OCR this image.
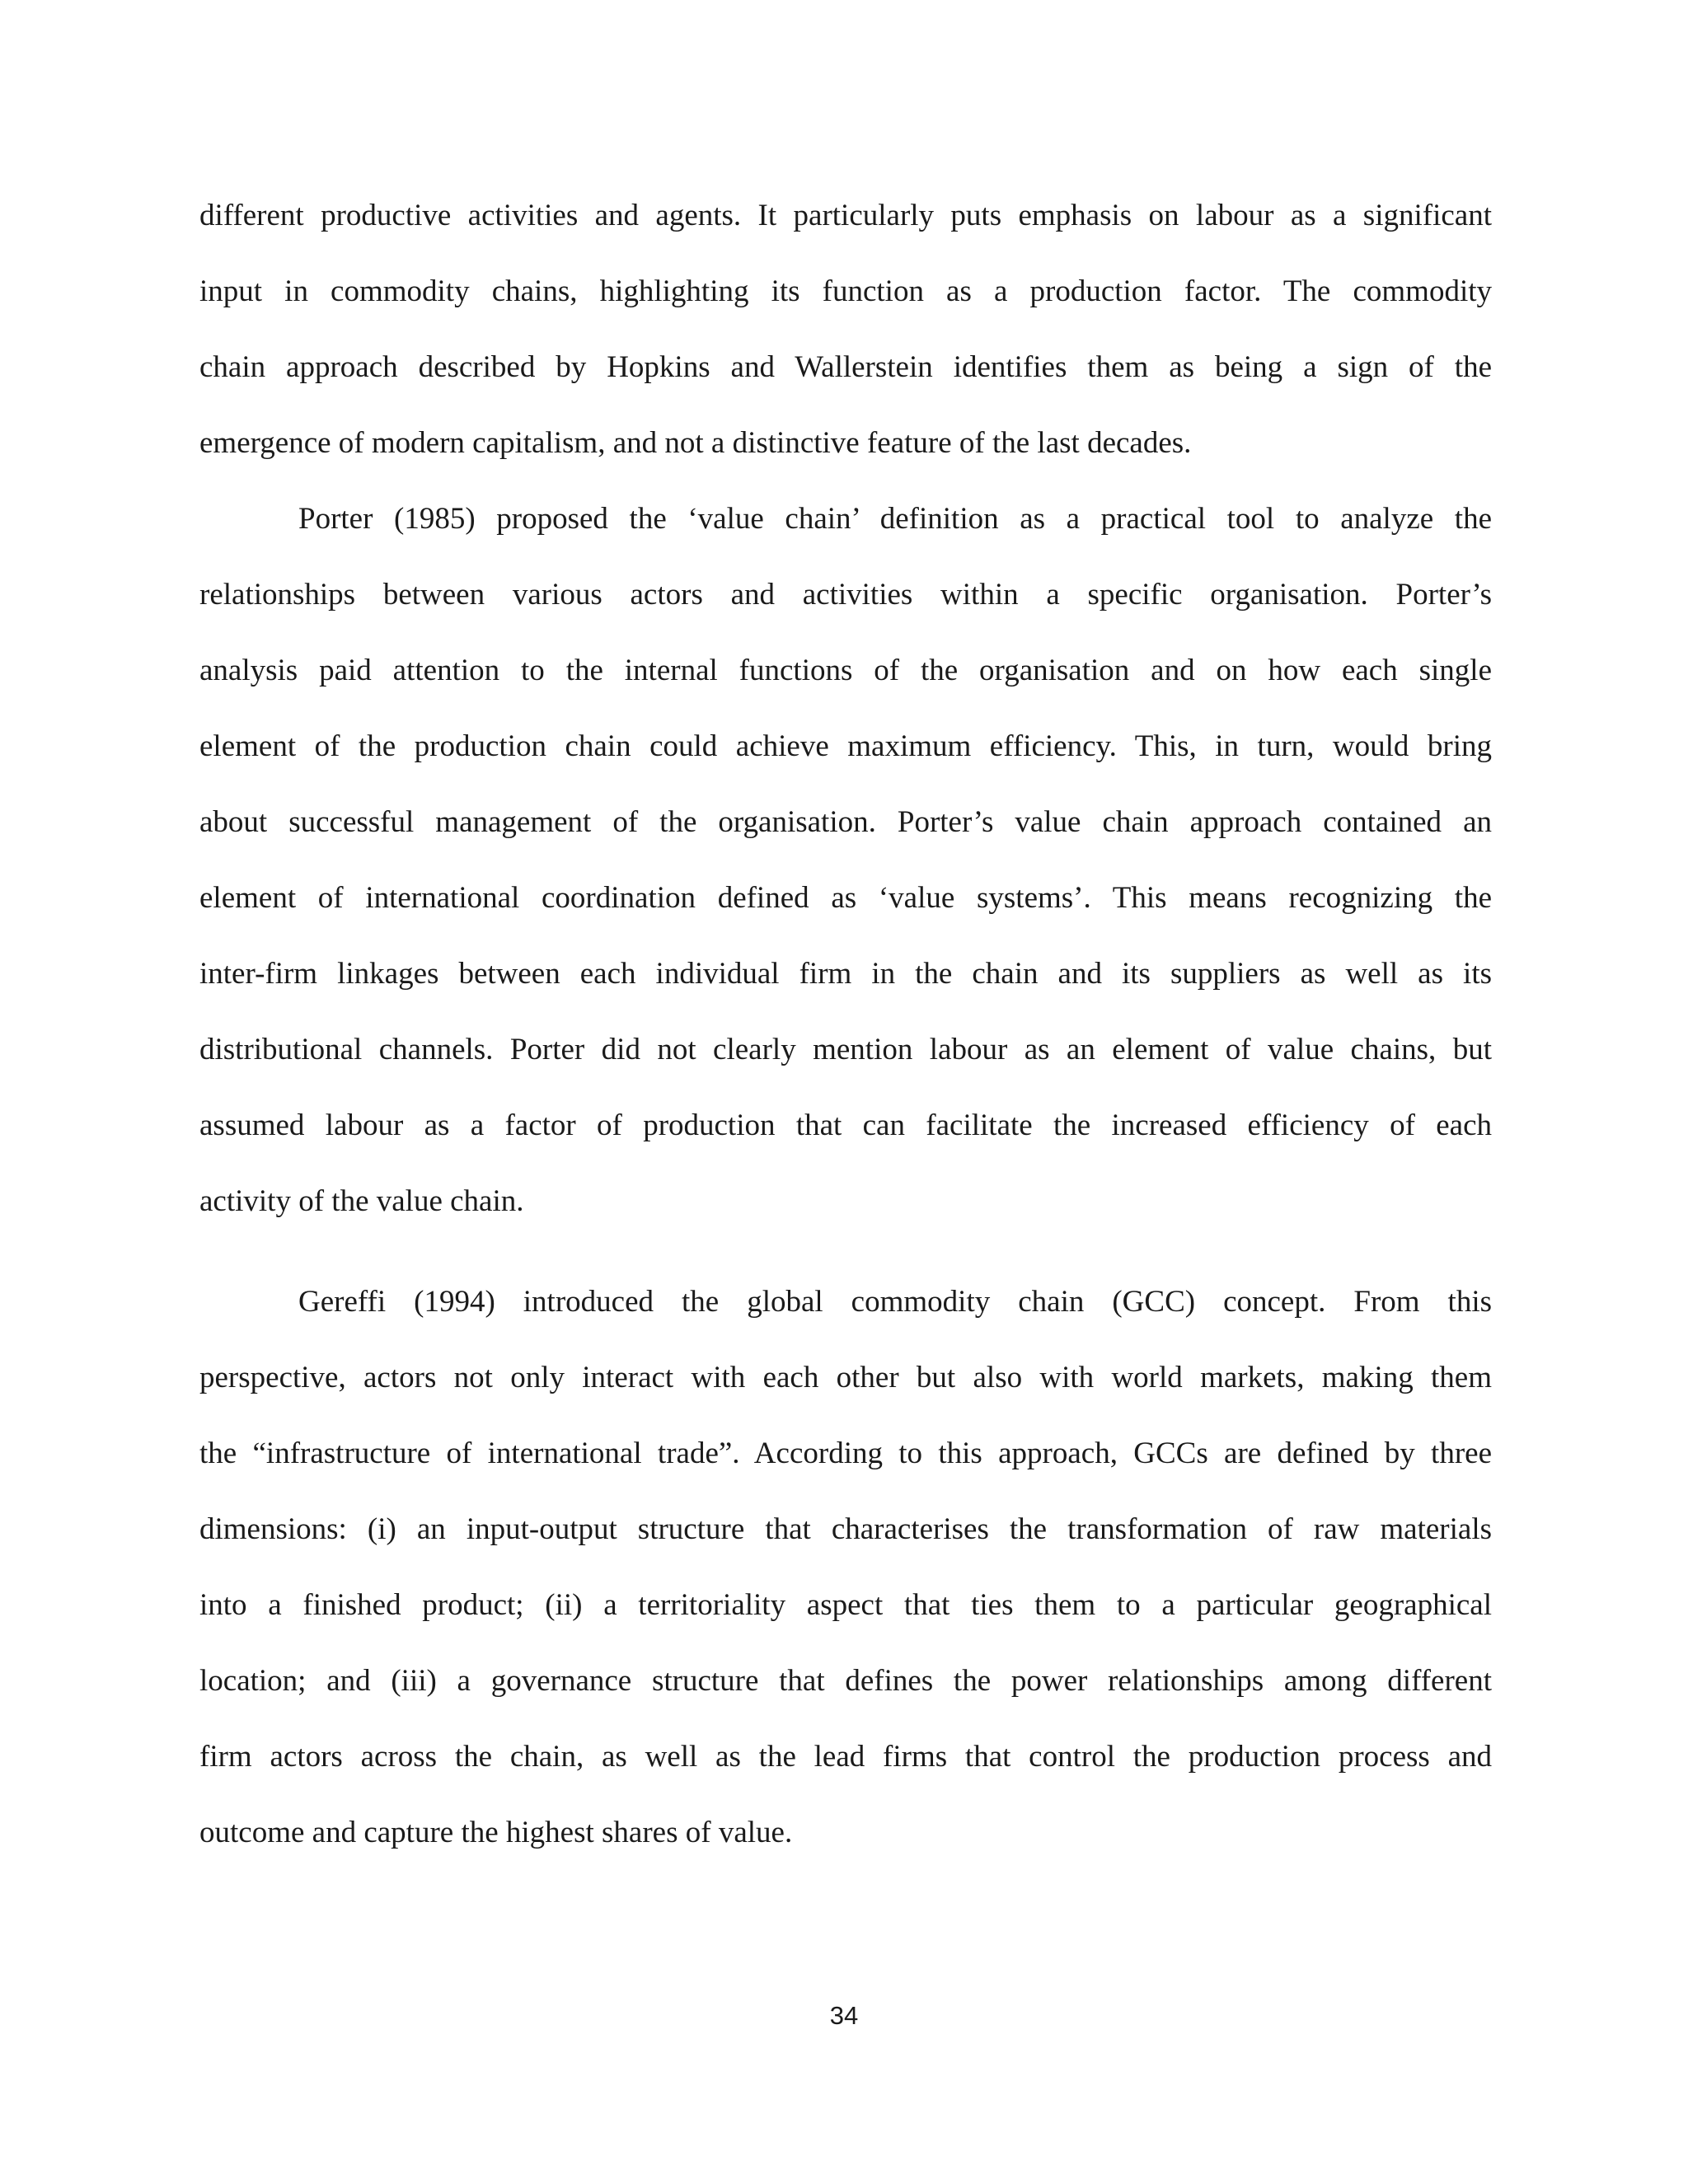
different productive activities and agents. It particularly puts emphasis on labour as a significant
input in commodity chains, highlighting its function as a production factor. The commodity
chain approach described by Hopkins and Wallerstein identifies them as being a sign of the
emergence of modern capitalism, and not a distinctive feature of the last decades.
Porter (1985) proposed the ‘value chain’ definition as a practical tool to analyze the
relationships between various actors and activities within a specific organisation. Porter’s
analysis paid attention to the internal functions of the organisation and on how each single
element of the production chain could achieve maximum efficiency. This, in turn, would bring
about successful management of the organisation. Porter’s value chain approach contained an
element of international coordination defined as ‘value systems’. This means recognizing the
inter-firm linkages between each individual firm in the chain and its suppliers as well as its
distributional channels. Porter did not clearly mention labour as an element of value chains, but
assumed labour as a factor of production that can facilitate the increased efficiency of each
activity of the value chain.
Gereffi (1994) introduced the global commodity chain (GCC) concept. From this
perspective, actors not only interact with each other but also with world markets, making them
the “infrastructure of international trade”. According to this approach, GCCs are defined by three
dimensions: (i) an input-output structure that characterises the transformation of raw materials
into a finished product; (ii) a territoriality aspect that ties them to a particular geographical
location; and (iii) a governance structure that defines the power relationships among different
firm actors across the chain, as well as the lead firms that control the production process and
outcome and capture the highest shares of value.
34
